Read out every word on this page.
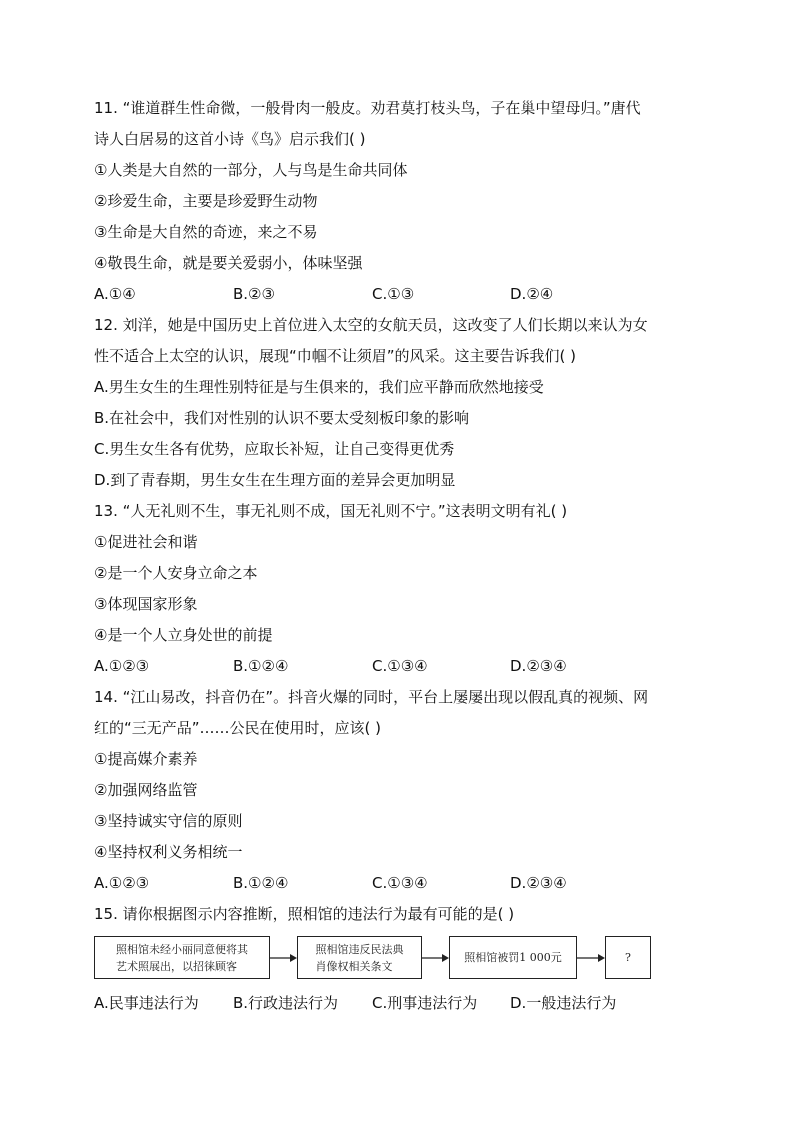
11. “谁道群生性命微，一般骨肉一般皮。劝君莫打枝头鸟，子在巢中望母归。”唐代
诗人白居易的这首小诗《鸟》启示我们( )
①人类是大自然的一部分，人与鸟是生命共同体
②珍爱生命，主要是珍爱野生动物
③生命是大自然的奇迹，来之不易
④敬畏生命，就是要关爱弱小，体味坚强
A.①④	B.②③	C.①③	D.②④
12. 刘洋，她是中国历史上首位进入太空的女航天员，这改变了人们长期以来认为女
性不适合上太空的认识，展现“巾帼不让须眉”的风采。这主要告诉我们( )
A.男生女生的生理性别特征是与生俱来的，我们应平静而欣然地接受
B.在社会中，我们对性别的认识不要太受刻板印象的影响
C.男生女生各有优势，应取长补短，让自己变得更优秀
D.到了青春期，男生女生在生理方面的差异会更加明显
13. “人无礼则不生，事无礼则不成，国无礼则不宁。”这表明文明有礼( )
①促进社会和谐
②是一个人安身立命之本
③体现国家形象
④是一个人立身处世的前提
A.①②③	B.①②④	C.①③④	D.②③④
14. “江山易改，抖音仍在”。抖音火爆的同时，平台上屡屡出现以假乱真的视频、网
红的“三无产品”……公民在使用时，应该( )
①提高媒介素养
②加强网络监管
③坚持诚实守信的原则
④坚持权利义务相统一
A.①②③	B.①②④	C.①③④	D.②③④
15. 请你根据图示内容推断，照相馆的违法行为最有可能的是( )
照相馆未经小丽同意便将其
艺术照展出，以招徕顾客
照相馆违反民法典
肖像权相关条文
照相馆被罚1 000元	?
A.民事违法行为 B.行政违法行为 C.刑事违法行为 D.一般违法行为
